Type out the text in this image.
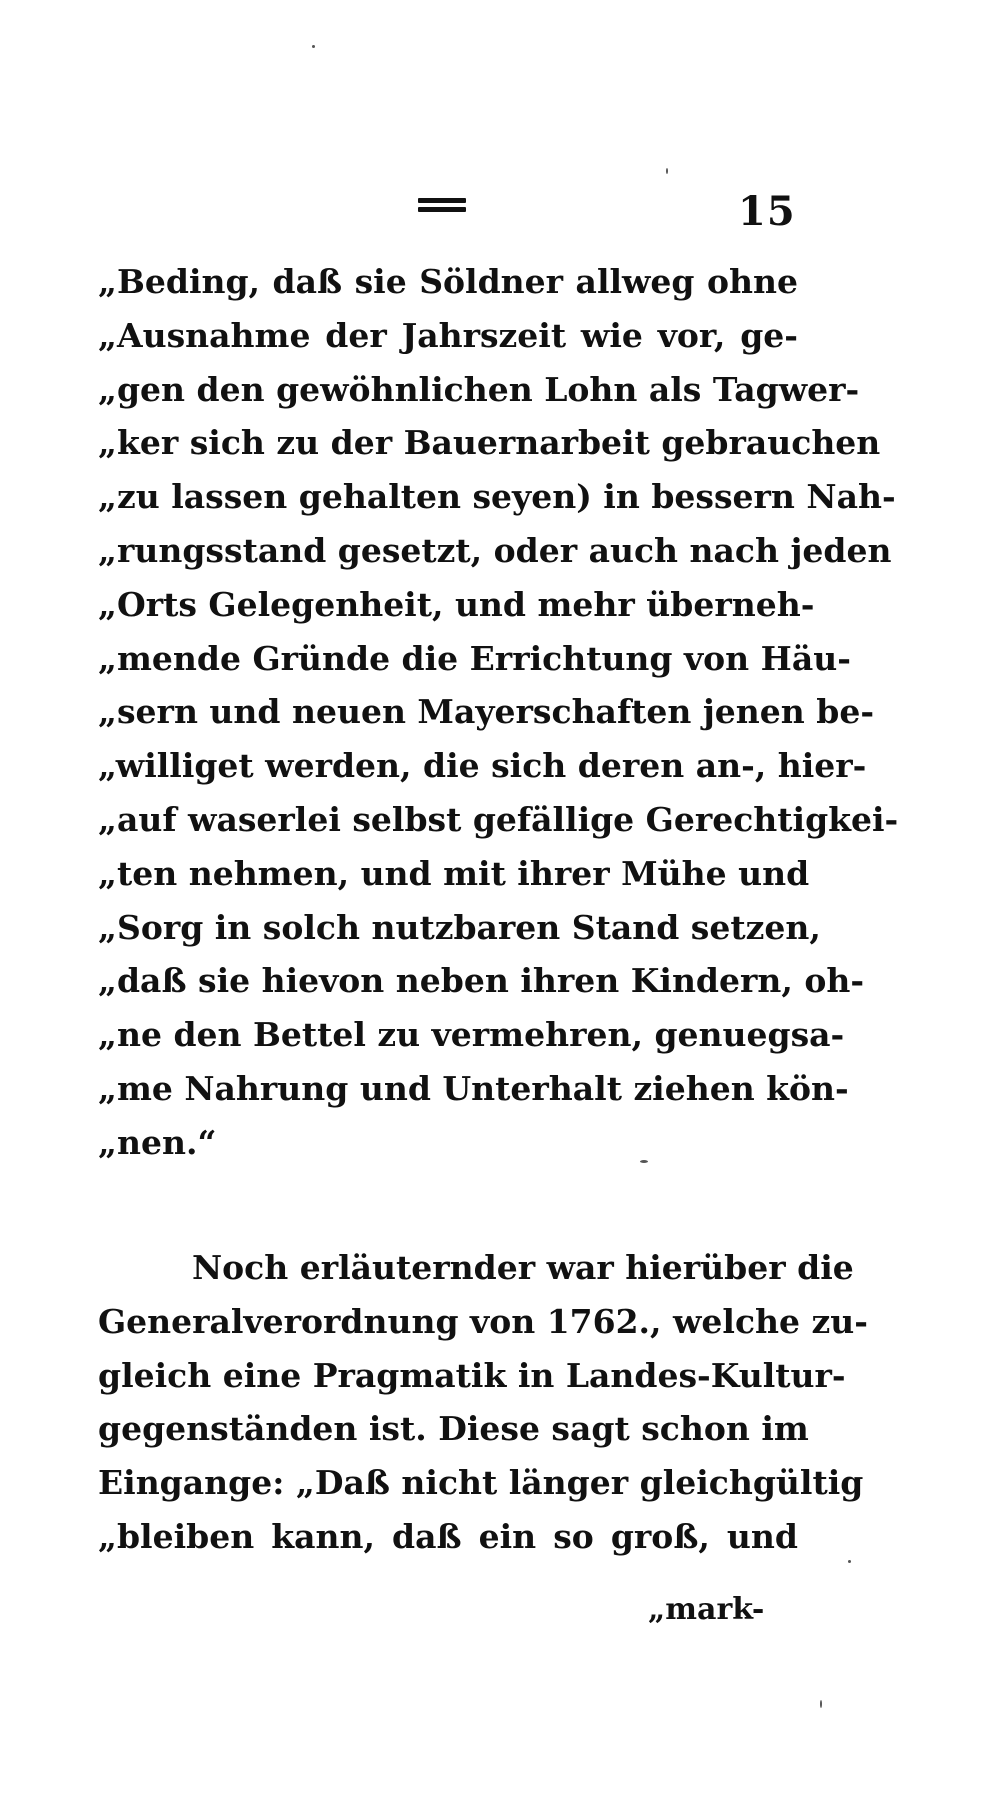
15
„Beding, daß sie Söldner allweg ohne
„Ausnahme der Jahrszeit wie vor, ge-
„gen den gewöhnlichen Lohn als Tagwer-
„ker sich zu der Bauernarbeit gebrauchen
„zu lassen gehalten seyen) in bessern Nah-
„rungsstand gesetzt, oder auch nach jeden
„Orts Gelegenheit, und mehr überneh-
„mende Gründe die Errichtung von Häu-
„sern und neuen Mayerschaften jenen be-
„williget werden, die sich deren an-, hier-
„auf waserlei selbst gefällige Gerechtigkei-
„ten nehmen, und mit ihrer Mühe und
„Sorg in solch nutzbaren Stand setzen,
„daß sie hievon neben ihren Kindern, oh-
„ne den Bettel zu vermehren, genuegsa-
„me Nahrung und Unterhalt ziehen kön-
„nen.“
Noch erläuternder war hierüber die
Generalverordnung von 1762., welche zu-
gleich eine Pragmatik in Landes-Kultur-
gegenständen ist. Diese sagt schon im
Eingange: „Daß nicht länger gleichgültig
„bleiben kann, daß ein so groß, und
„mark-
